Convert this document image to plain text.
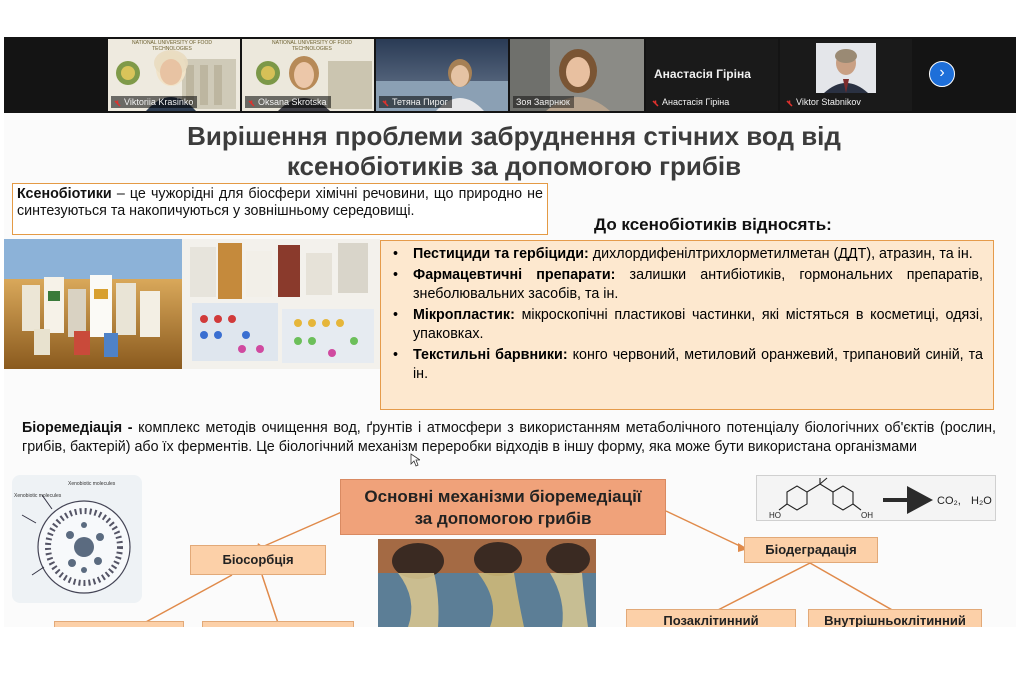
NATIONAL UNIVERSITY OF FOOD TECHNOLOGIES
Viktoriia Krasinko
NATIONAL UNIVERSITY OF FOOD TECHNOLOGIES
Oksana Skrotska	Тетяна Пирог	Зоя Заярнюк
Анастасія Гіріна
Анастасія Гіріна	Viktor Stabnikov
›
Вирішення проблеми забруднення стічних вод від
ксенобіотиків за допомогою грибів
Ксенобіотики – це чужорідні для біосфери хімічні речовини, що природно не синтезуються та накопичуються у зовнішньому середовищі.
До ксенобіотиків відносять:
• Пестициди та гербіциди: дихлордифенілтрихлорметилметан (ДДТ), атразин, та ін.
• Фармацевтичні препарати: залишки антибіотиків, гормональних препаратів, знеболювальних засобів, та ін.
• Мікропластик: мікроскопічні пластикові частинки, які містяться в косметиці, одязі, упаковках.
• Текстильні барвники: конго червоний, метиловий оранжевий, трипановий синій, та ін.
Біоремедіація - комплекс методів очищення вод, ґрунтів і атмосфери з використанням метаболічного потенціалу біологічних об'єктів (рослин, грибів, бактерій) або їх ферментів. Це біологічний механізм переробки відходів в іншу форму, яка може бути використана організмами
Xenobiotic molecules
Xenobiotic molecules	Основні механізми біоремедіації
за допомогою грибів
Біосорбція
Біодеградація
Позаклітинний	Внутрішньоклітинний
HO	OH
CO₂, H₂O
